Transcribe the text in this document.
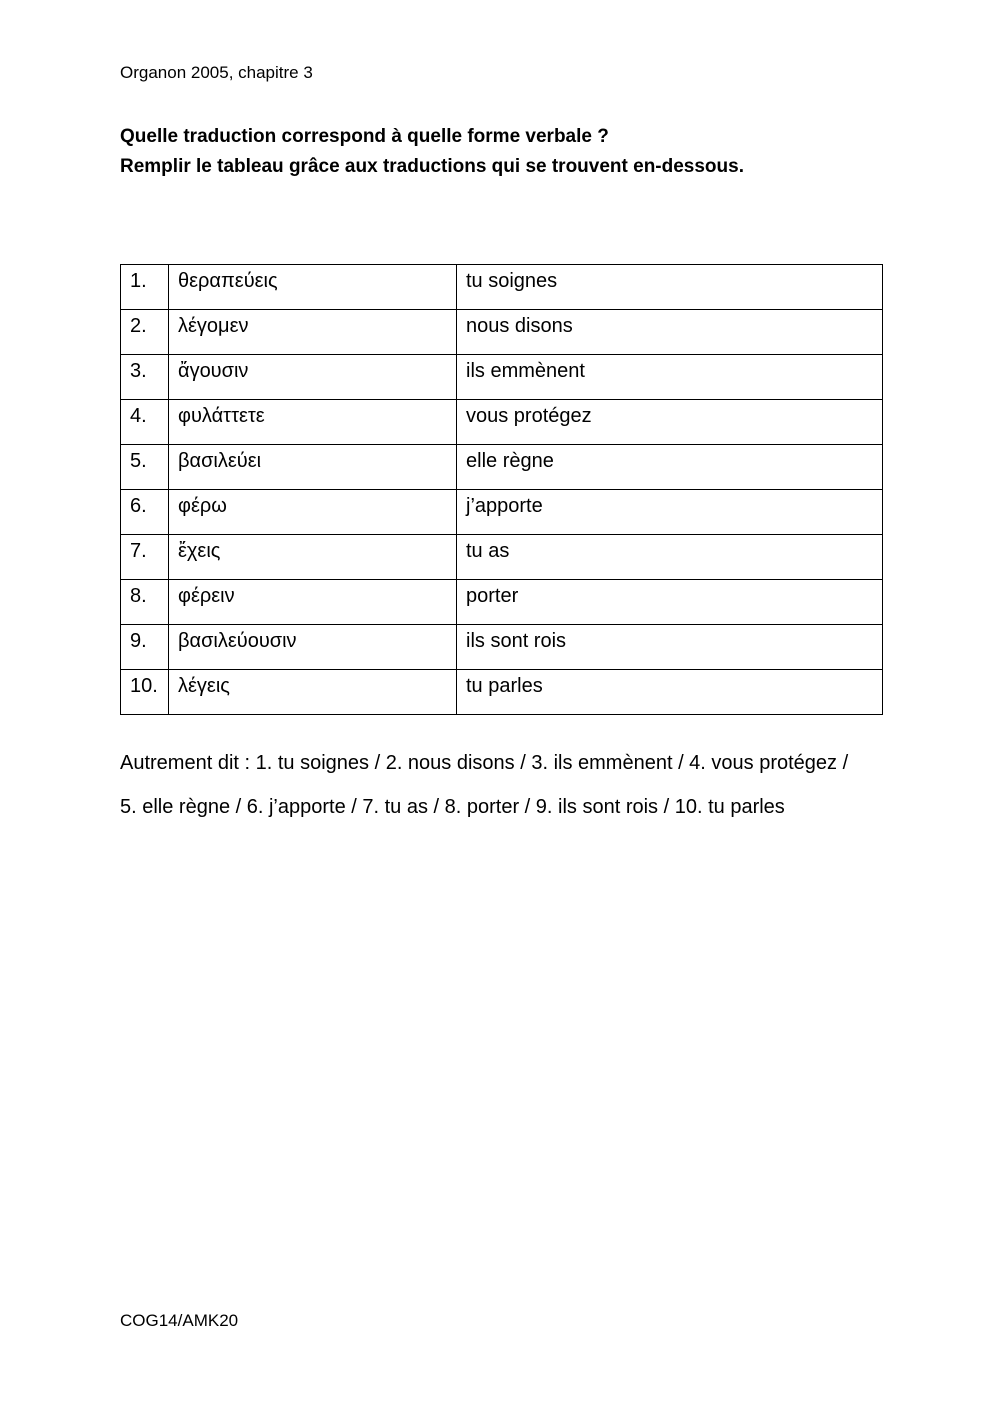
Organon 2005, chapitre 3
Quelle traduction correspond à quelle forme verbale ?
Remplir le tableau grâce aux traductions qui se trouvent en-dessous.
1.	θεραπεύεις	tu soignes
2.	λέγομεν	nous disons
3.	ἄγουσιν	ils emmènent
4.	φυλάττετε	vous protégez
5.	βασιλεύει	elle règne
6.	φέρω	j’apporte
7.	ἔχεις	tu as
8.	φέρειν	porter
9.	βασιλεύουσιν	ils sont rois
10.	λέγεις	tu parles
Autrement dit : 1. tu soignes / 2. nous disons / 3. ils emmènent / 4. vous protégez / 5. elle règne / 6. j’apporte / 7. tu as / 8. porter / 9. ils sont rois / 10. tu parles
COG14/AMK20
